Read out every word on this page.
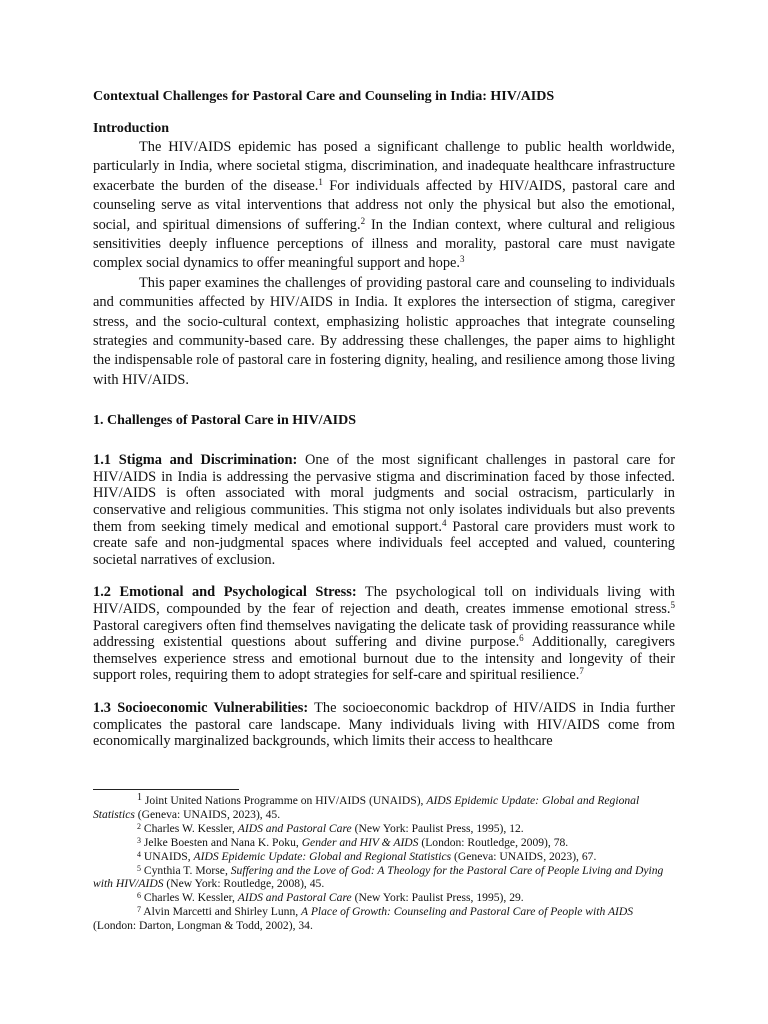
Contextual Challenges for Pastoral Care and Counseling in India: HIV/AIDS
Introduction

The HIV/AIDS epidemic has posed a significant challenge to public health worldwide, particularly in India, where societal stigma, discrimination, and inadequate healthcare infrastructure exacerbate the burden of the disease.$^1$ For individuals affected by HIV/AIDS, pastoral care and counseling serve as vital interventions that address not only the physical but also the emotional, social, and spiritual dimensions of suffering.$^2$ In the Indian context, where cultural and religious sensitivities deeply influence perceptions of illness and morality, pastoral care must navigate complex social dynamics to offer meaningful support and hope.$^3$

This paper examines the challenges of providing pastoral care and counseling to individuals and communities affected by HIV/AIDS in India. It explores the intersection of stigma, caregiver stress, and the socio-cultural context, emphasizing holistic approaches that integrate counseling strategies and community-based care. By addressing these challenges, the paper aims to highlight the indispensable role of pastoral care in fostering dignity, healing, and resilience among those living with HIV/AIDS.

1. Challenges of Pastoral Care in HIV/AIDS

1.1 Stigma and Discrimination: One of the most significant challenges in pastoral care for HIV/AIDS in India is addressing the pervasive stigma and discrimination faced by those infected. HIV/AIDS is often associated with moral judgments and social ostracism, particularly in conservative and religious communities. This stigma not only isolates individuals but also prevents them from seeking timely medical and emotional support.$^4$ Pastoral care providers must work to create safe and non-judgmental spaces where individuals feel accepted and valued, countering societal narratives of exclusion.

1.2 Emotional and Psychological Stress: The psychological toll on individuals living with HIV/AIDS, compounded by the fear of rejection and death, creates immense emotional stress.$^5$ Pastoral caregivers often find themselves navigating the delicate task of providing reassurance while addressing existential questions about suffering and divine purpose.$^6$ Additionally, caregivers themselves experience stress and emotional burnout due to the intensity and longevity of their support roles, requiring them to adopt strategies for self-care and spiritual resilience.$^7$

1.3 Socioeconomic Vulnerabilities: The socioeconomic backdrop of HIV/AIDS in India further complicates the pastoral care landscape. Many individuals living with HIV/AIDS come from economically marginalized backgrounds, which limits their access to healthcare

$^1$ Joint United Nations Programme on HIV/AIDS (UNAIDS), AIDS Epidemic Update: Global and Regional Statistics (Geneva: UNAIDS, 2023), 45.

$^2$ Charles W. Kessler, AIDS and Pastoral Care (New York: Paulist Press, 1995), 12.

$^3$ Jelke Boesten and Nana K. Poku, Gender and HIV & AIDS (London: Routledge, 2009), 78.

$^4$ UNAIDS, AIDS Epidemic Update: Global and Regional Statistics (Geneva: UNAIDS, 2023), 67.

$^5$ Cynthia T. Morse, Suffering and the Love of God: A Theology for the Pastoral Care of People Living and Dying with HIV/AIDS (New York: Routledge, 2008), 45.

$^6$ Charles W. Kessler, AIDS and Pastoral Care (New York: Paulist Press, 1995), 29.

$^7$ Alvin Marcetti and Shirley Lunn, A Place of Growth: Counseling and Pastoral Care of People with AIDS (London: Darton, Longman & Todd, 2002), 34.
